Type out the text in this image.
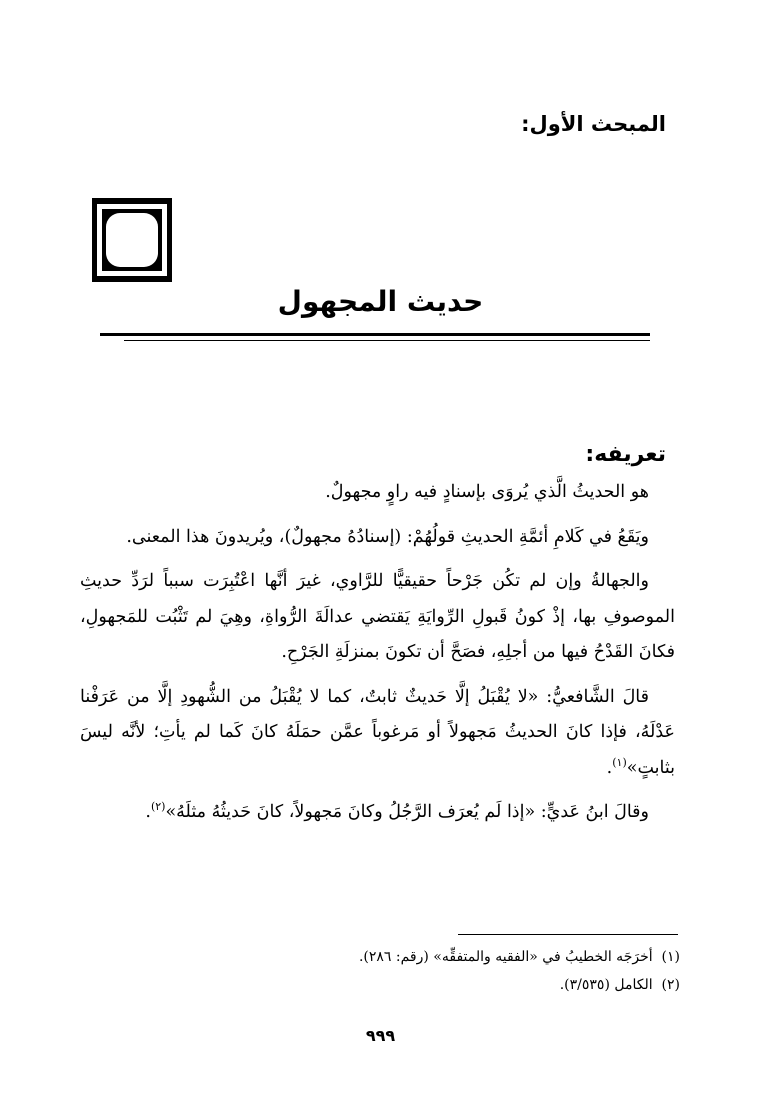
المبحث الأول:
حديث المجهول
تعريفه:

هو الحديثُ الَّذي يُروَى بإسنادٍ فيه راوٍ مجهولٌ.

ويَقَعُ في كَلامِ أئمَّةِ الحديثِ قولُهُمْ: (إسنادُهُ مجهولٌ)، ويُريدونَ هذا المعنى.

والجهالةُ وإن لم تكُن جَرْحاً حقيقيًّا للرَّاوي، غيرَ أنَّها اعْتُبِرَت سبباً لرَدِّ حديثِ الموصوفِ بها، إذْ كونُ قَبولِ الرِّوايَةِ يَقتضي عدالَةَ الرُّواةِ، وهِيَ لم تَثْبُت للمَجهولِ، فكانَ القَدْحُ فيها من أجلِهِ، فصَحَّ أن تكونَ بمنزلَةِ الجَرْحِ.

قالَ الشَّافعيُّ: «لا يُقْبَلُ إلَّا حَديثٌ ثابتٌ، كما لا يُقْبَلُ من الشُّهودِ إلَّا من عَرَفْنا عَدْلَهُ، فإذا كانَ الحديثُ مَجهولاً أو مَرغوباً عمَّن حمَلَهُ كانَ كَما لم يأتِ؛ لأنَّه ليسَ بثابتٍ»$^{(١)}$.

وقالَ ابنُ عَديٍّ: «إذا لَم يُعرَف الرَّجُلُ وكانَ مَجهولاً، كانَ حَديثُهُ مثلَهُ»$^{(٢)}$.

(١)  أخرَجَه الخطيبُ في «الفقيه والمتفقِّه» (رقم: ٢٨٦).
(٢)  الكامل (٣/٥٣٥).
٩٩٩
